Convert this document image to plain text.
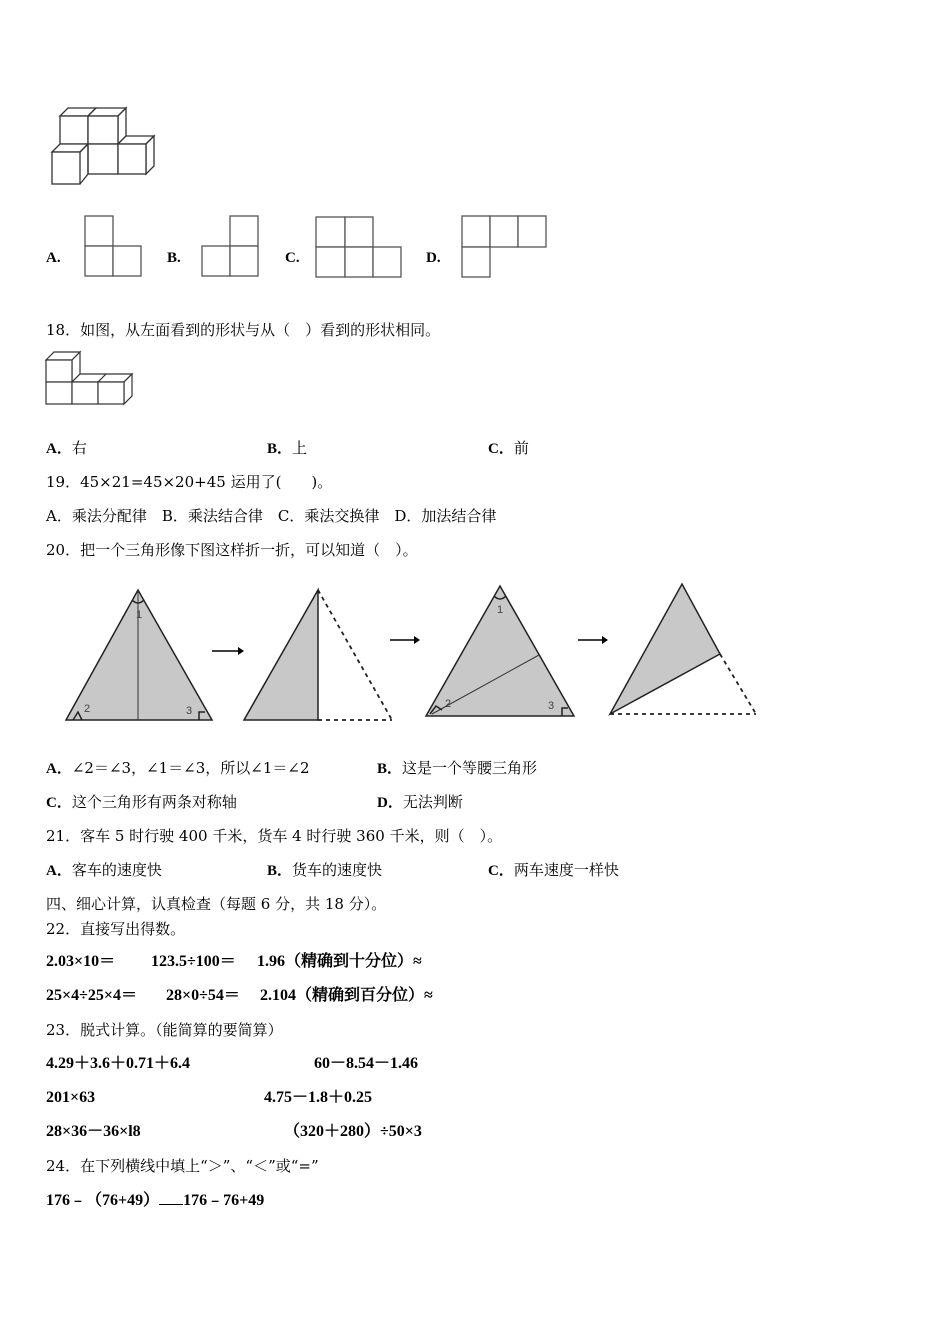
A.	B.	C.	D.
18．如图，从左面看到的形状与从（　）看到的形状相同。
A．右	B．上	C．前
19．45×21=45×20+45 运用了(　　)。
A．乘法分配律　B．乘法结合律　C．乘法交换律　D．加法结合律
20．把一个三角形像下图这样折一折，可以知道（　）。
1
2	3
1
2	3
A．∠2＝∠3，∠1＝∠3，所以∠1＝∠2	B．这是一个等腰三角形
C．这个三角形有两条对称轴	D．无法判断
21．客车 5 时行驶 400 千米，货车 4 时行驶 360 千米，则（　）。
A．客车的速度快	B．货车的速度快	C．两车速度一样快
四、细心计算，认真检查（每题 6 分，共 18 分）。
22．直接写出得数。
2.03×10＝ 123.5÷100＝ 1.96（精确到十分位）≈
25×4÷25×4＝ 28×0÷54＝ 2.104（精确到百分位）≈
23．脱式计算。（能简算的要简算）
4.29＋3.6＋0.71＋6.4	60－8.54－1.46
201×63	4.75－1.8＋0.25
28×36－36×l8	（320＋280）÷50×3
24．在下列横线中填上“＞”、“＜”或“=”
176﹣（76+49） 176﹣76+49
